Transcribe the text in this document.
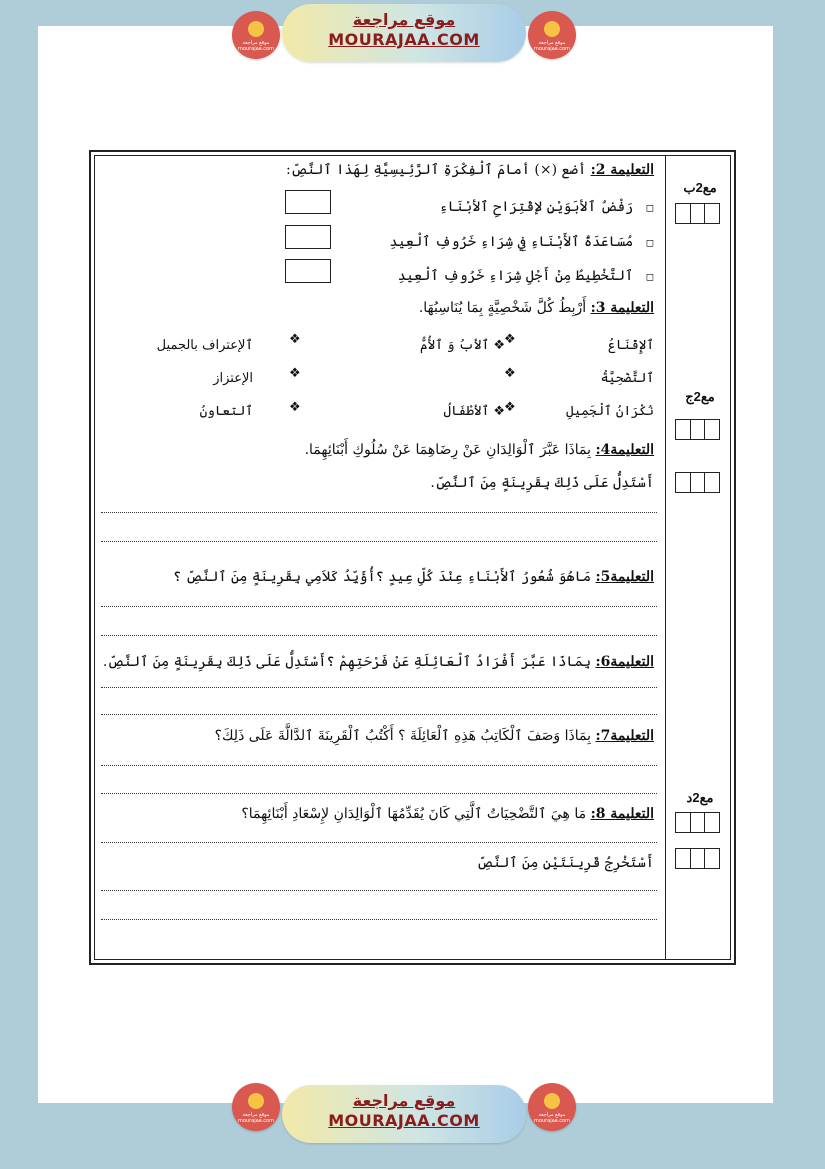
موقع مراجعة mourajaa.com
موقع مراجعة
MOURAJAA.COM	موقع مراجعة mourajaa.com
التعليمة 2: أضع (×) أمامَ ٱلْفِكْرَةِ ٱلرَّئِيسِيَّةِ لِهَذا ٱلنَّصِّ:
◻ رَفْضُ ٱلأبَوَيْنِ لإقْتِرَاحِ ٱلأبْنَاءِ
◻ مُسَاعَدَةُ ٱلأَبْنَاءِ فِي شِرَاءِ خَرُوفِ ٱلْعِيدِ
◻ ٱلتَّخْطِيطُ مِنْ أَجْلِ شِرَاءِ خَرُوفِ ٱلْعِيدِ
التعليمة 3: أَرْبِطُ كُلَّ شَخْصِيَّةٍ بِمَا يُنَاسِبُهَا.
ٱلإِقْنَاعُ
ٱلتَّضْحِيَّةُ
نُكْرَانُ ٱلْجَمِيلِ
❖
❖
❖
❖ ٱلأبُ وَ ٱلأُمُّ
❖ ٱلأطْفَالُ
❖
❖
❖
ٱلإعتراف بالجميل
الإعتزاز
ٱلتعاونُ
التعليمة4: بِمَاذَا عَبَّرَ ٱلْوَالِدَانِ عَنْ رِضَاهِمَا عَنْ سُلُوكِ أَبْنَائِهِمَا.
أَسْتَدِلُّ عَلَى ذَلِكَ بِقَرِينَةٍ مِنَ ٱلنَّصِّ.
التعليمة5: مَاهُوَ شُعُورُ ٱلأَبْنَاءِ عِنْدَ كُلِّ عِيدٍ ؟أُؤَيِّدُ كَلاَمِي بِقَرِينَةٍ مِنَ ٱلنَّصِّ ؟
التعليمة6: بِمَاذَا عَبَّرَ أَفْرَادُ ٱلْعَائِلَةِ عَنْ فَرْحَتِهِمْ ؟أَسْتَدِلُّ عَلَى ذَلِكَ بِقَرِينَةٍ مِنَ ٱلنَّصِّ.
التعليمة7: بِمَاذَا وَصَفَ ٱلْكَاتِبُ هَذِهِ ٱلْعَائِلَةَ ؟ أَكْتُبُ ٱلْقَرِينَةَ ٱلدَّالَّةَ عَلَى ذَلِكَ؟
التعليمة 8: مَا هِيَ ٱلتَّضْحِيَاتُ ٱلَّتِي كَانَ يُقَدِّمُهَا ٱلْوَالِدَانِ لإِسْعَادِ أَبْنَائِهِمَا؟
أَسْتَخْرِجُ قَرِينَتَيْنِ مِنَ ٱلنَّصِّ
مع2ب
مع2ج
مع2د
موقع مراجعة mourajaa.com
موقع مراجعة
MOURAJAA.COM	موقع مراجعة mourajaa.com
